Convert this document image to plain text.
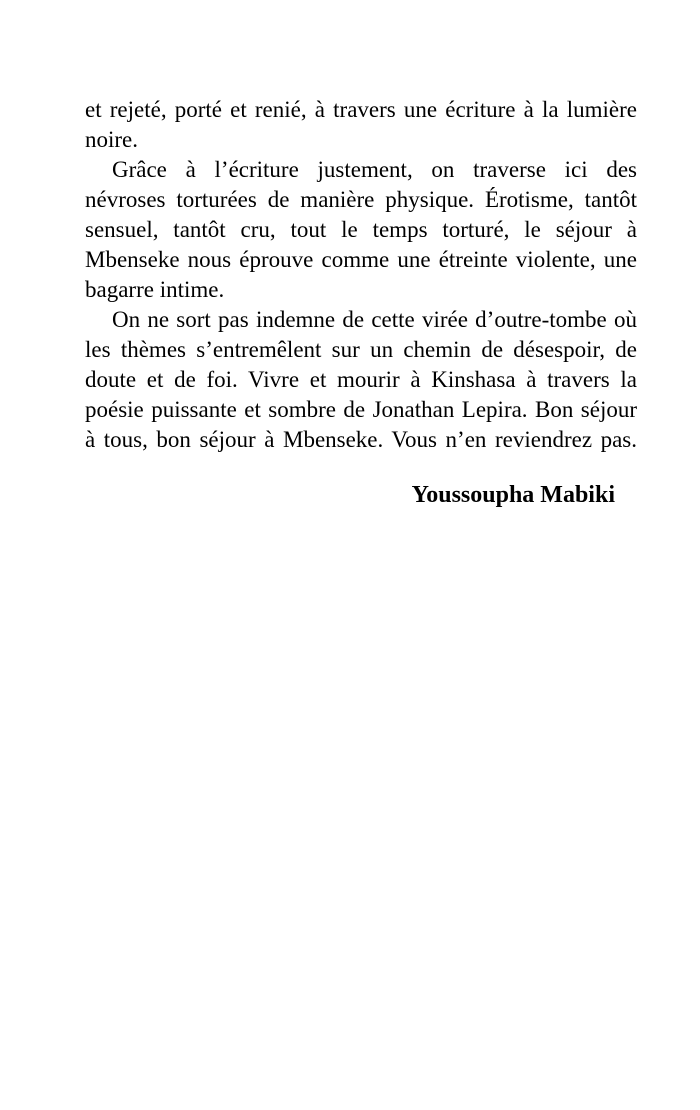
et rejeté, porté et renié, à travers une écriture à la lumière
noire.
Grâce à l’écriture justement, on traverse ici des
névroses torturées de manière physique. Érotisme, tantôt
sensuel, tantôt cru, tout le temps torturé, le séjour à
Mbenseke nous éprouve comme une étreinte violente, une
bagarre intime.
On ne sort pas indemne de cette virée d’outre-tombe où
les thèmes s’entremêlent sur un chemin de désespoir, de
doute et de foi. Vivre et mourir à Kinshasa à travers la
poésie puissante et sombre de Jonathan Lepira. Bon séjour
à tous, bon séjour à Mbenseke. Vous n’en reviendrez pas.
Youssoupha Mabiki
